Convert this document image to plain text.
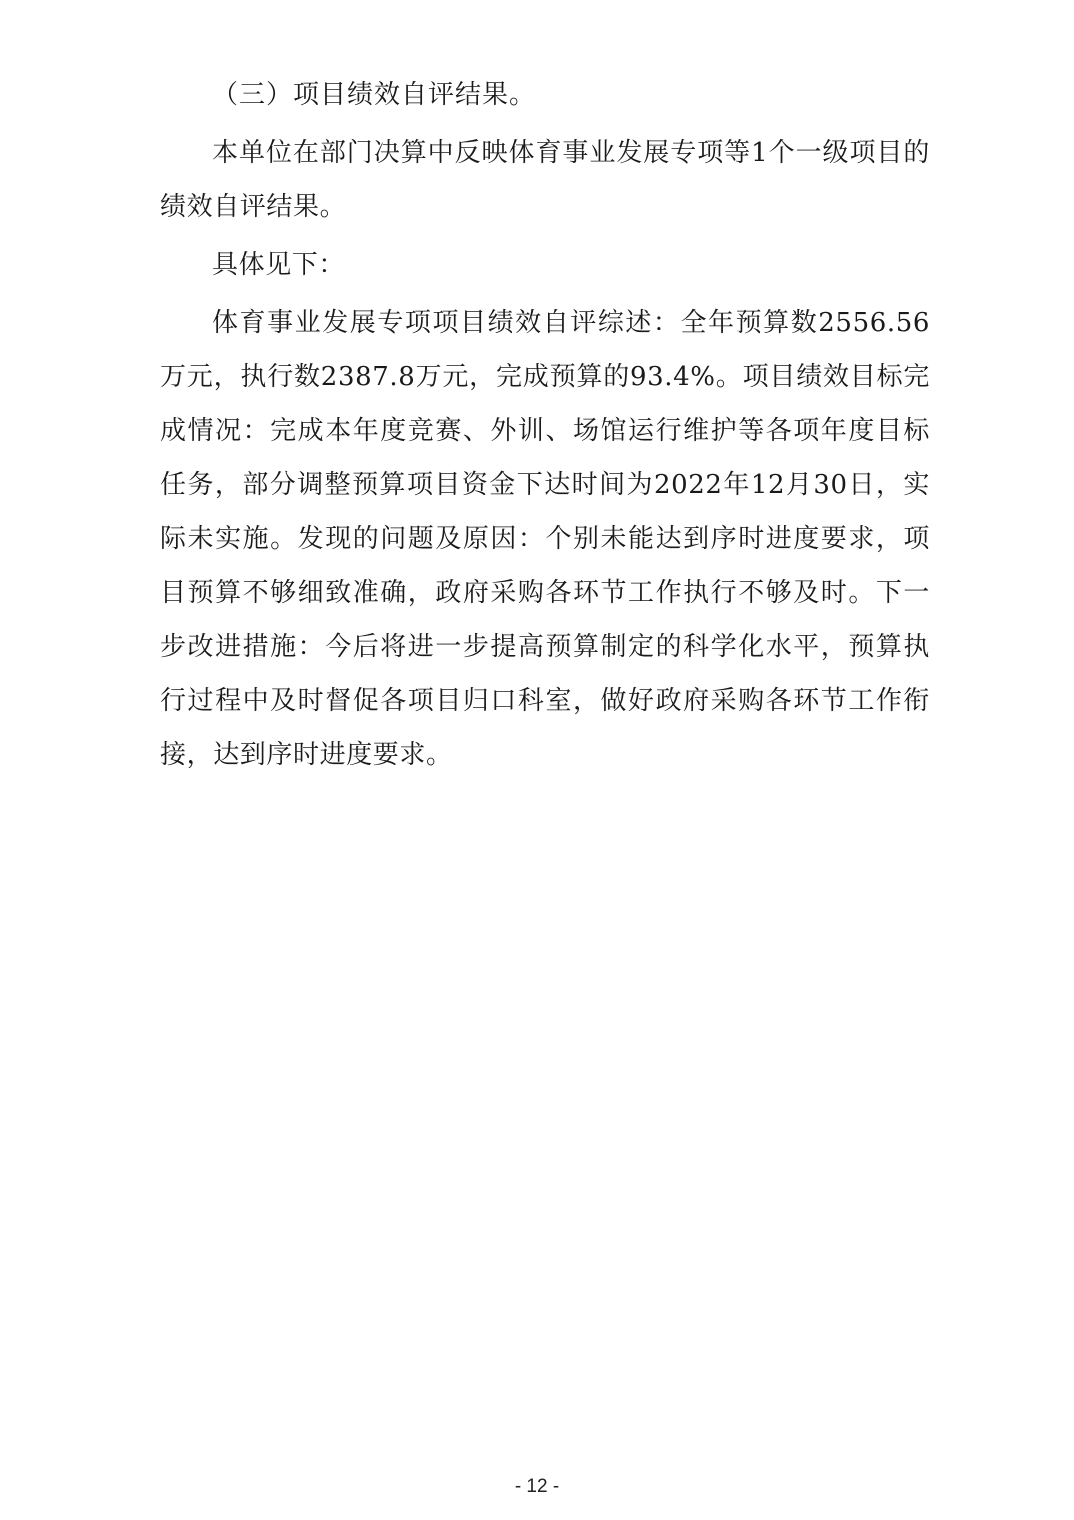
（三）项目绩效自评结果。

本单位在部门决算中反映体育事业发展专项等1个一级项目的绩效自评结果。

具体见下：

体育事业发展专项项目绩效自评综述：全年预算数2556.56万元，执行数2387.8万元，完成预算的93.4%。项目绩效目标完成情况：完成本年度竞赛、外训、场馆运行维护等各项年度目标任务，部分调整预算项目资金下达时间为2022年12月30日，实际未实施。发现的问题及原因：个别未能达到序时进度要求，项目预算不够细致准确，政府采购各环节工作执行不够及时。下一步改进措施：今后将进一步提高预算制定的科学化水平，预算执行过程中及时督促各项目归口科室，做好政府采购各环节工作衔接，达到序时进度要求。

- 12 -
